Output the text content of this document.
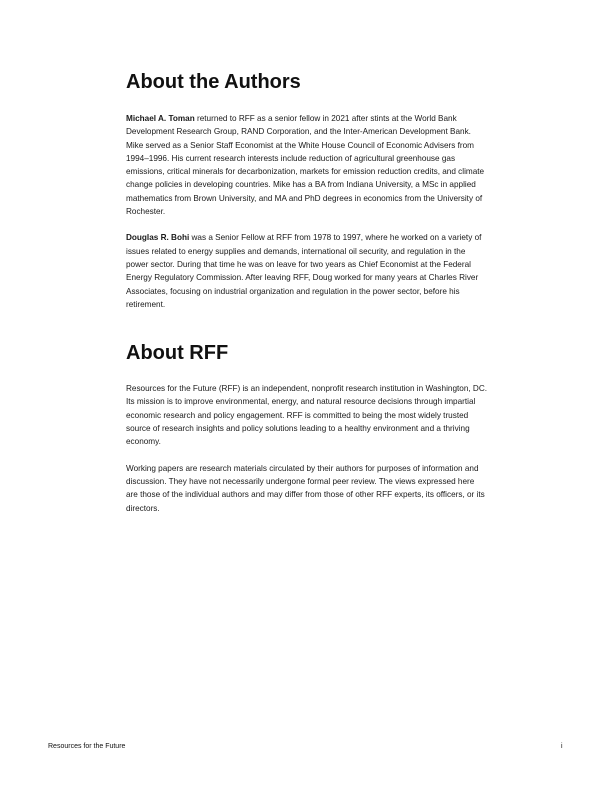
About the Authors

Michael A. Toman returned to RFF as a senior fellow in 2021 after stints at the World Bank Development Research Group, RAND Corporation, and the Inter-American Development Bank. Mike served as a Senior Staff Economist at the White House Council of Economic Advisers from 1994–1996. His current research interests include reduction of agricultural greenhouse gas emissions, critical minerals for decarbonization, markets for emission reduction credits, and climate change policies in developing countries. Mike has a BA from Indiana University, a MSc in applied mathematics from Brown University, and MA and PhD degrees in economics from the University of Rochester.

Douglas R. Bohi was a Senior Fellow at RFF from 1978 to 1997, where he worked on a variety of issues related to energy supplies and demands, international oil security, and regulation in the power sector. During that time he was on leave for two years as Chief Economist at the Federal Energy Regulatory Commission. After leaving RFF, Doug worked for many years at Charles River Associates, focusing on industrial organization and regulation in the power sector, before his retirement.

About RFF

Resources for the Future (RFF) is an independent, nonprofit research institution in Washington, DC. Its mission is to improve environmental, energy, and natural resource decisions through impartial economic research and policy engagement. RFF is committed to being the most widely trusted source of research insights and policy solutions leading to a healthy environment and a thriving economy.

Working papers are research materials circulated by their authors for purposes of information and discussion. They have not necessarily undergone formal peer review. The views expressed here are those of the individual authors and may differ from those of other RFF experts, its officers, or its directors.

Resources for the Future	i
